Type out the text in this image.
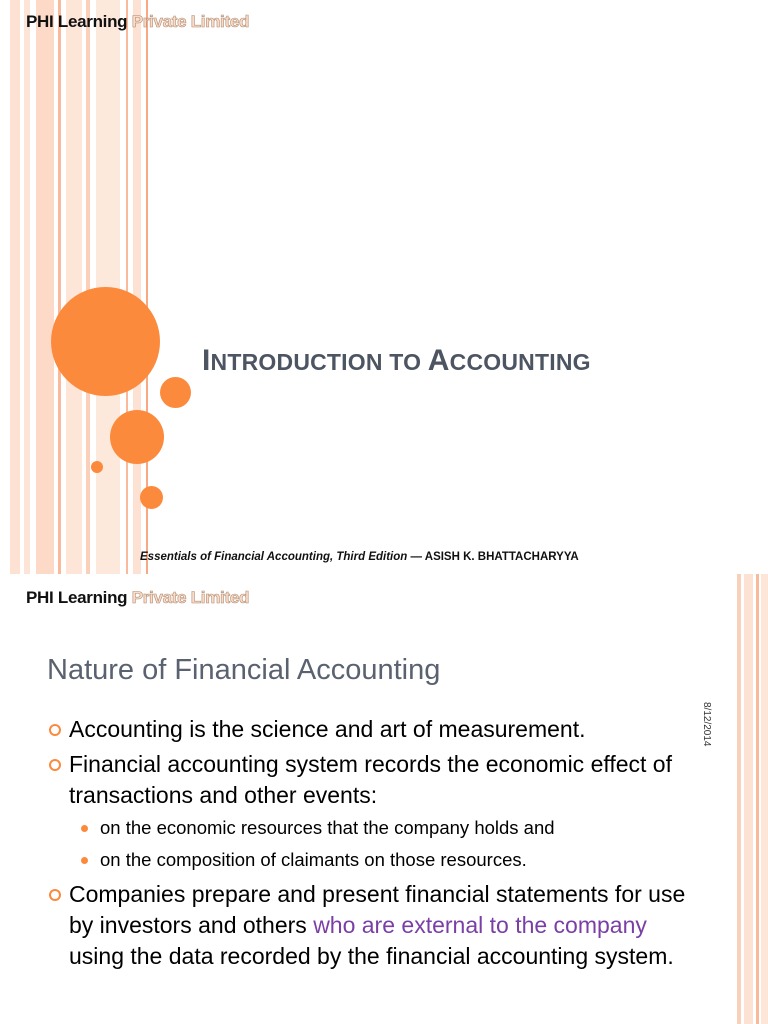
PHI Learning Private Limited
INTRODUCTION TO ACCOUNTING
Essentials of Financial Accounting, Third Edition — ASISH K. BHATTACHARYYA
PHI Learning Private Limited
Nature of Financial Accounting
8/12/2014
Accounting is the science and art of measurement.
Financial accounting system records the economic effect of transactions and other events:
on the economic resources that the company holds and
on the composition of claimants on those resources.
Companies prepare and present financial statements for use by investors and others who are external to the company using the data recorded by the financial accounting system.
